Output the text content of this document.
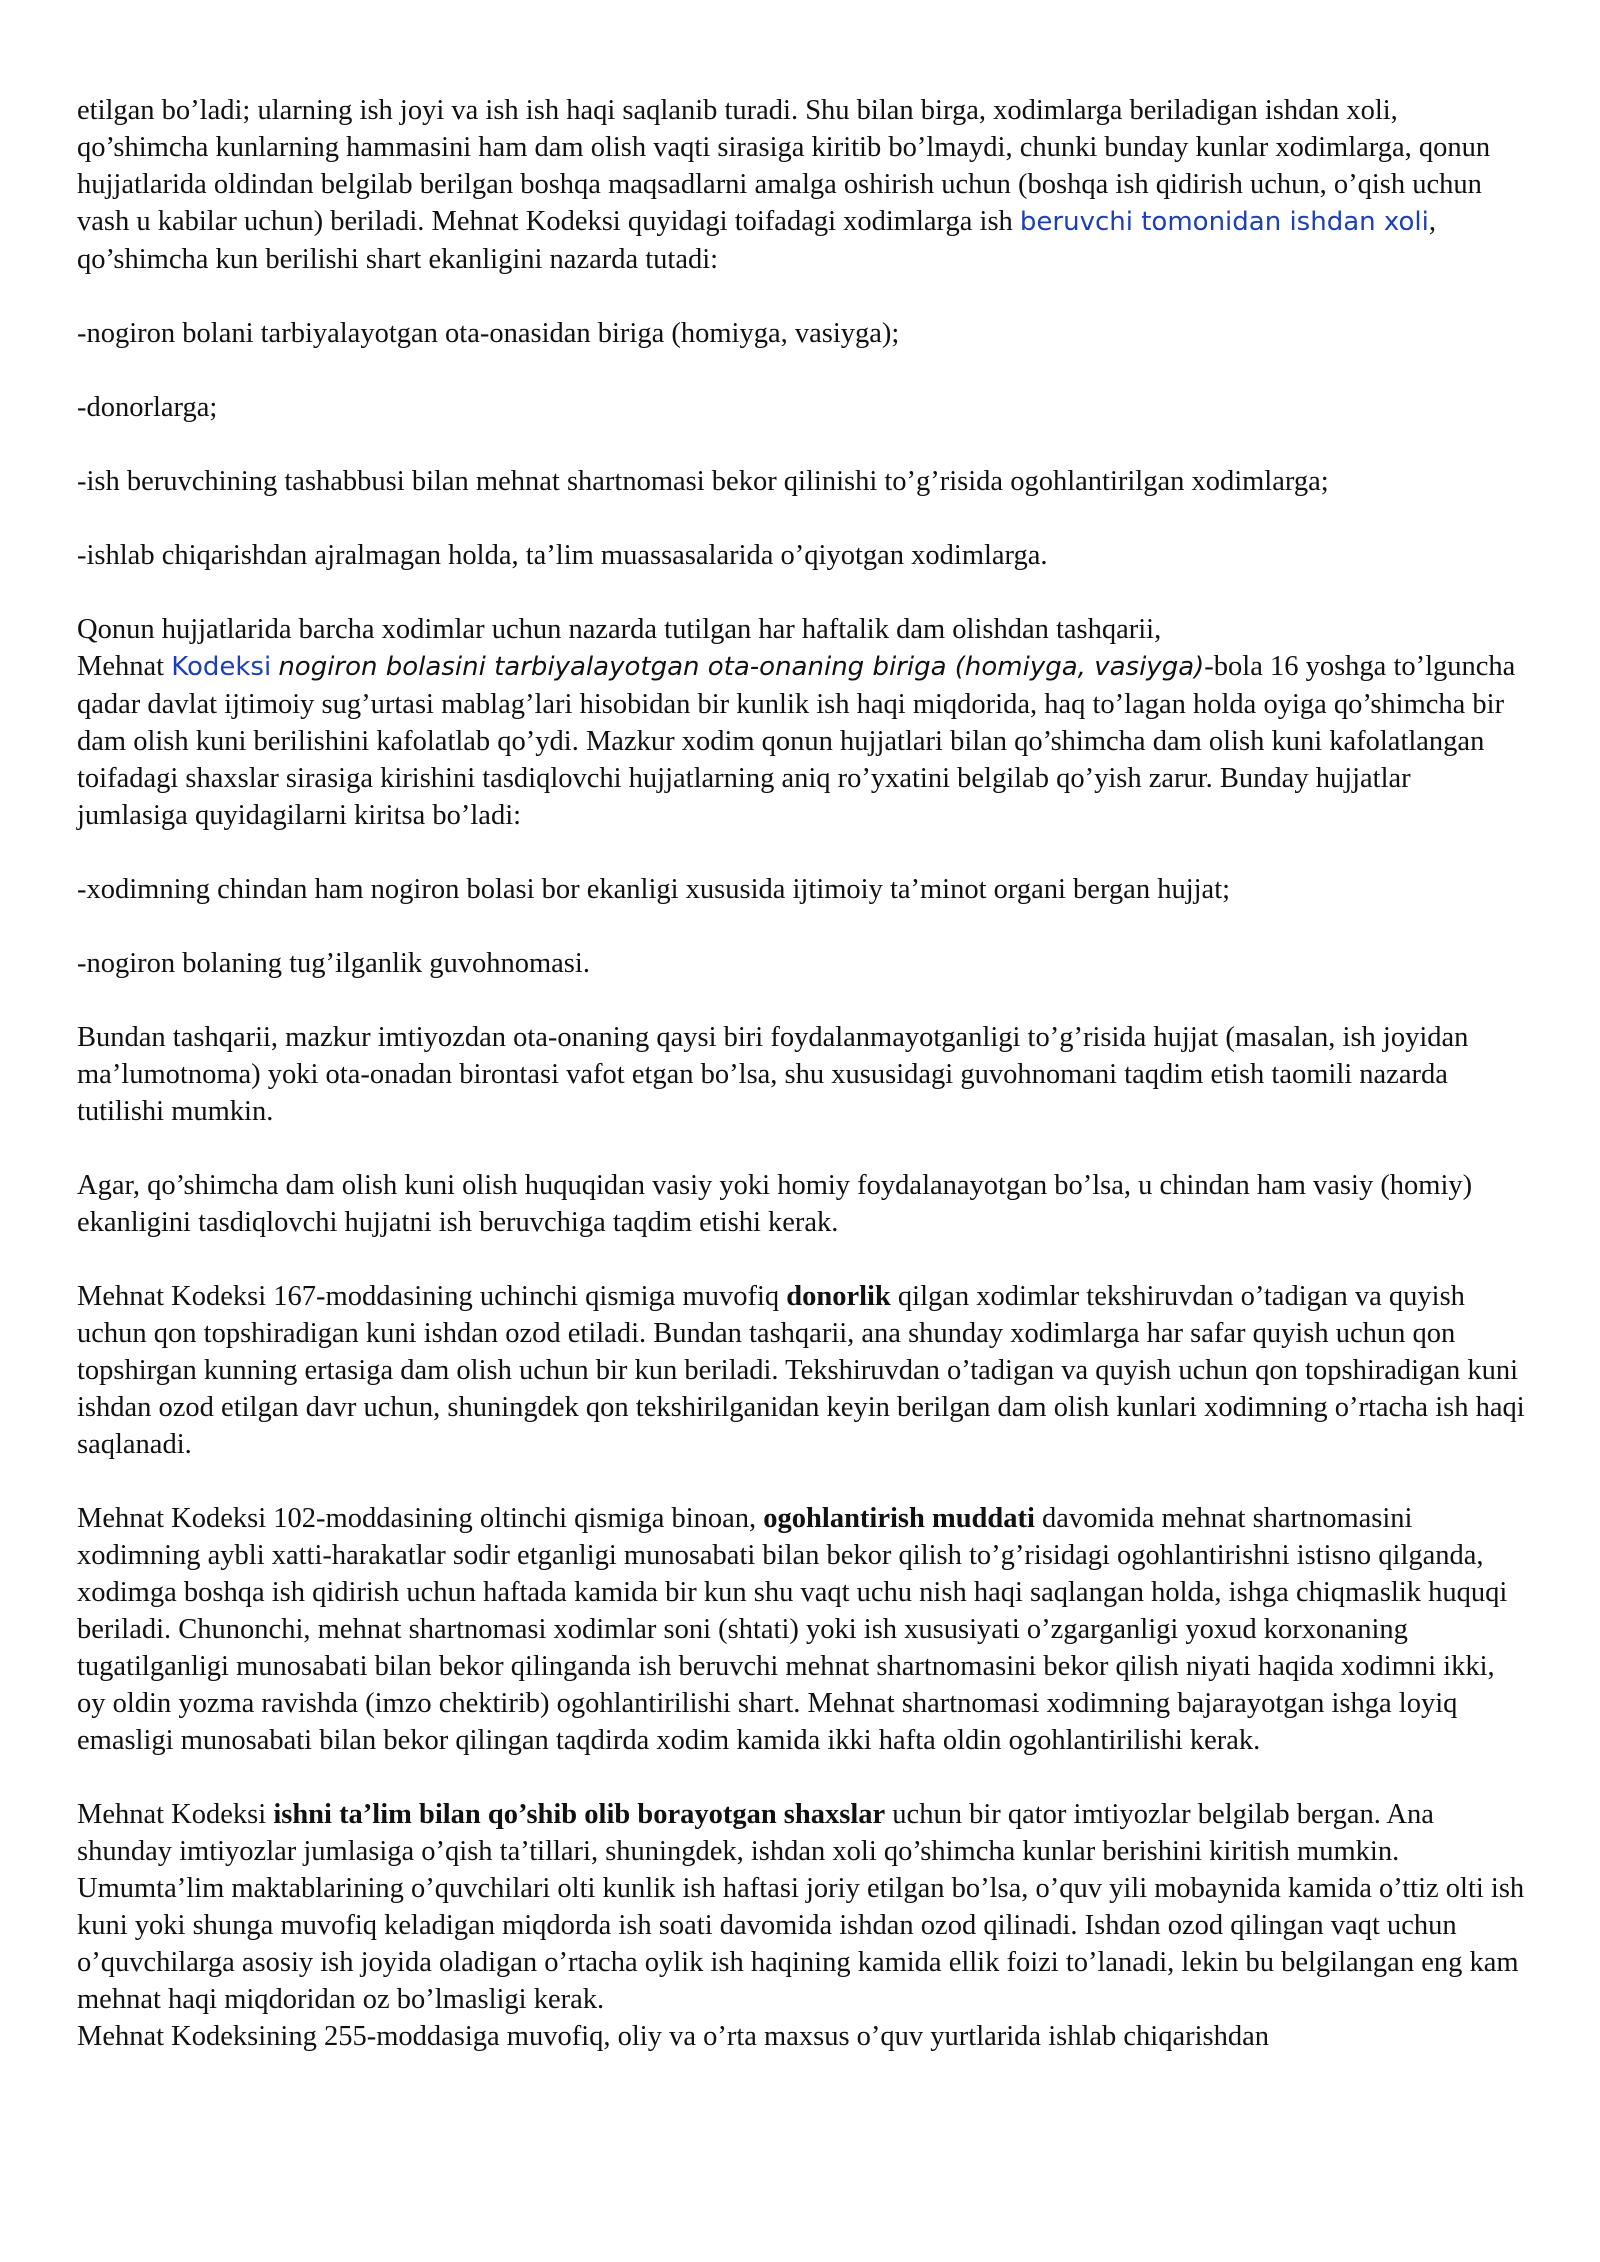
etilgan bo’ladi; ularning ish joyi va ish ish haqi saqlanib turadi. Shu bilan birga, xodimlarga beriladigan ishdan xoli, qo’shimcha kunlarning hammasini ham dam olish vaqti sirasiga kiritib bo’lmaydi, chunki bunday kunlar xodimlarga, qonun hujjatlarida oldindan belgilab berilgan boshqa maqsadlarni amalga oshirish uchun (boshqa ish qidirish uchun, o’qish uchun vash u kabilar uchun) beriladi. Mehnat Kodeksi quyidagi toifadagi xodimlarga ish beruvchi tomonidan ishdan xoli, qo’shimcha kun berilishi shart ekanligini nazarda tutadi:

-nogiron bolani tarbiyalayotgan ota-onasidan biriga (homiyga, vasiyga);

-donorlarga;

-ish beruvchining tashabbusi bilan mehnat shartnomasi bekor qilinishi to’g’risida ogohlantirilgan xodimlarga;

-ishlab chiqarishdan ajralmagan holda, ta’lim muassasalarida o’qiyotgan xodimlarga.

Qonun hujjatlarida barcha xodimlar uchun nazarda tutilgan har haftalik dam olishdan tashqarii,
Mehnat Kodeksi nogiron bolasini tarbiyalayotgan ota-onaning biriga (homiyga, vasiyga)-bola 16 yoshga to’lguncha qadar davlat ijtimoiy sug’urtasi mablag’lari hisobidan bir kunlik ish haqi miqdorida, haq to’lagan holda oyiga qo’shimcha bir dam olish kuni berilishini kafolatlab qo’ydi. Mazkur xodim qonun hujjatlari bilan qo’shimcha dam olish kuni kafolatlangan toifadagi shaxslar sirasiga kirishini tasdiqlovchi hujjatlarning aniq ro’yxatini belgilab qo’yish zarur. Bunday hujjatlar jumlasiga quyidagilarni kiritsa bo’ladi:

-xodimning chindan ham nogiron bolasi bor ekanligi xususida ijtimoiy ta’minot organi bergan hujjat;

-nogiron bolaning tug’ilganlik guvohnomasi.

Bundan tashqarii, mazkur imtiyozdan ota-onaning qaysi biri foydalanmayotganligi to’g’risida hujjat (masalan, ish joyidan ma’lumotnoma) yoki ota-onadan birontasi vafot etgan bo’lsa, shu xususidagi guvohnomani taqdim etish taomili nazarda tutilishi mumkin.

Agar, qo’shimcha dam olish kuni olish huquqidan vasiy yoki homiy foydalanayotgan bo’lsa, u chindan ham vasiy (homiy) ekanligini tasdiqlovchi hujjatni ish beruvchiga taqdim etishi kerak.

Mehnat Kodeksi 167-moddasining uchinchi qismiga muvofiq donorlik qilgan xodimlar tekshiruvdan o’tadigan va quyish uchun qon topshiradigan kuni ishdan ozod etiladi. Bundan tashqarii, ana shunday xodimlarga har safar quyish uchun qon topshirgan kunning ertasiga dam olish uchun bir kun beriladi. Tekshiruvdan o’tadigan va quyish uchun qon topshiradigan kuni ishdan ozod etilgan davr uchun, shuningdek qon tekshirilganidan keyin berilgan dam olish kunlari xodimning o’rtacha ish haqi saqlanadi.

Mehnat Kodeksi 102-moddasining oltinchi qismiga binoan, ogohlantirish muddati davomida mehnat shartnomasini xodimning aybli xatti-harakatlar sodir etganligi munosabati bilan bekor qilish to’g’risidagi ogohlantirishni istisno qilganda, xodimga boshqa ish qidirish uchun haftada kamida bir kun shu vaqt uchu nish haqi saqlangan holda, ishga chiqmaslik huquqi beriladi. Chunonchi, mehnat shartnomasi xodimlar soni (shtati) yoki ish xususiyati o’zgarganligi yoxud korxonaning tugatilganligi munosabati bilan bekor qilinganda ish beruvchi mehnat shartnomasini bekor qilish niyati haqida xodimni ikki, oy oldin yozma ravishda (imzo chektirib) ogohlantirilishi shart. Mehnat shartnomasi xodimning bajarayotgan ishga loyiq emasligi munosabati bilan bekor qilingan taqdirda xodim kamida ikki hafta oldin ogohlantirilishi kerak.

Mehnat Kodeksi ishni ta’lim bilan qo’shib olib borayotgan shaxslar uchun bir qator imtiyozlar belgilab bergan. Ana shunday imtiyozlar jumlasiga o’qish ta’tillari, shuningdek, ishdan xoli qo’shimcha kunlar berishini kiritish mumkin. Umumta’lim maktablarining o’quvchilari olti kunlik ish haftasi joriy etilgan bo’lsa, o’quv yili mobaynida kamida o’ttiz olti ish kuni yoki shunga muvofiq keladigan miqdorda ish soati davomida ishdan ozod qilinadi. Ishdan ozod qilingan vaqt uchun o’quvchilarga asosiy ish joyida oladigan o’rtacha oylik ish haqining kamida ellik foizi to’lanadi, lekin bu belgilangan eng kam mehnat haqi miqdoridan oz bo’lmasligi kerak.
Mehnat Kodeksining 255-moddasiga muvofiq, oliy va o’rta maxsus o’quv yurtlarida ishlab chiqarishdan
